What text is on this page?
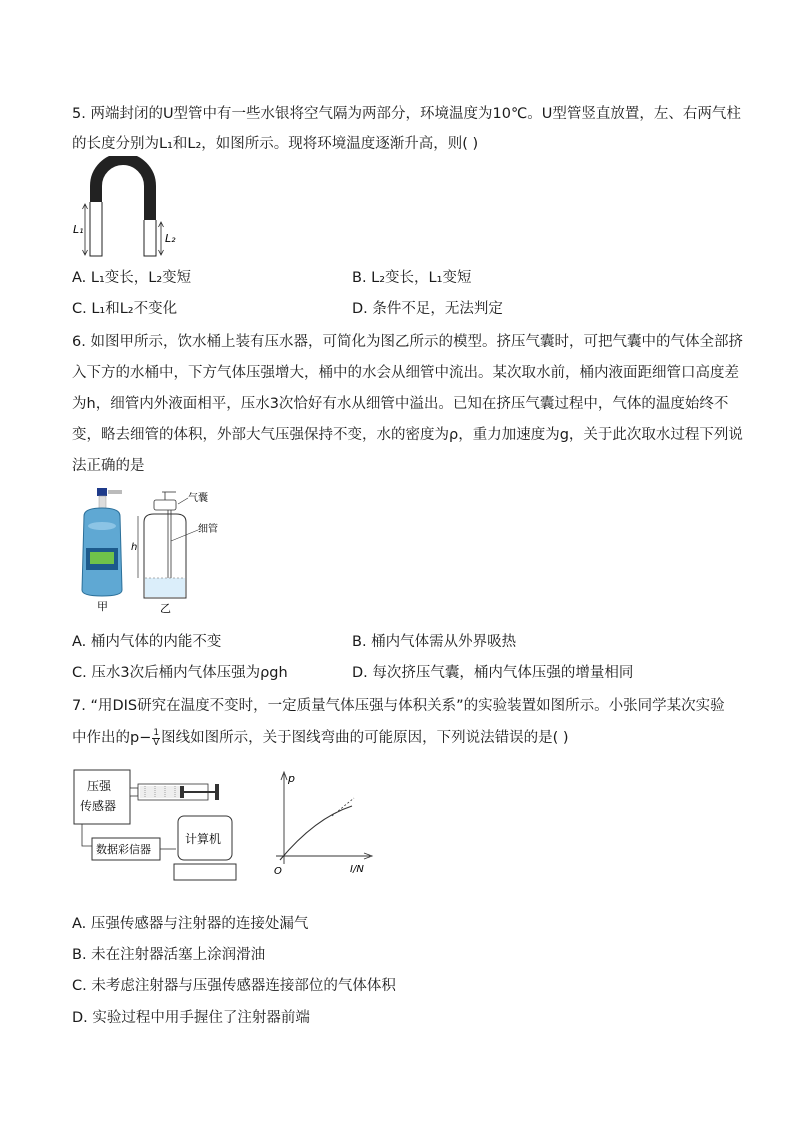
5. 两端封闭的U型管中有一些水银将空气隔为两部分，环境温度为10℃。U型管竖直放置，左、右两气柱
的长度分别为L₁和L₂，如图所示。现将环境温度逐渐升高，则( )
L₁
L₂
A. L₁变长，L₂变短	B. L₂变长，L₁变短
C. L₁和L₂不变化	D. 条件不足，无法判定
6. 如图甲所示，饮水桶上装有压水器，可简化为图乙所示的模型。挤压气囊时，可把气囊中的气体全部挤
入下方的水桶中，下方气体压强增大，桶中的水会从细管中流出。某次取水前，桶内液面距细管口高度差
为h，细管内外液面相平，压水3次恰好有水从细管中溢出。已知在挤压气囊过程中，气体的温度始终不
变，略去细管的体积，外部大气压强保持不变，水的密度为ρ，重力加速度为g，关于此次取水过程下列说
法正确的是
甲
h
气囊
细管
乙
A. 桶内气体的内能不变	B. 桶内气体需从外界吸热
C. 压水3次后桶内气体压强为ρgh	D. 每次挤压气囊，桶内气体压强的增量相同
7. “用DIS研究在温度不变时，一定质量气体压强与体积关系”的实验装置如图所示。小张同学某次实验
中作出的$p- \frac{1}{V}$ 图线如图所示，关于图线弯曲的可能原因，下列说法错误的是( )
压强
传感器
数据彩信器
计算机
p
O	I/N
A. 压强传感器与注射器的连接处漏气
B. 未在注射器活塞上涂润滑油
C. 未考虑注射器与压强传感器连接部位的气体体积
D. 实验过程中用手握住了注射器前端
